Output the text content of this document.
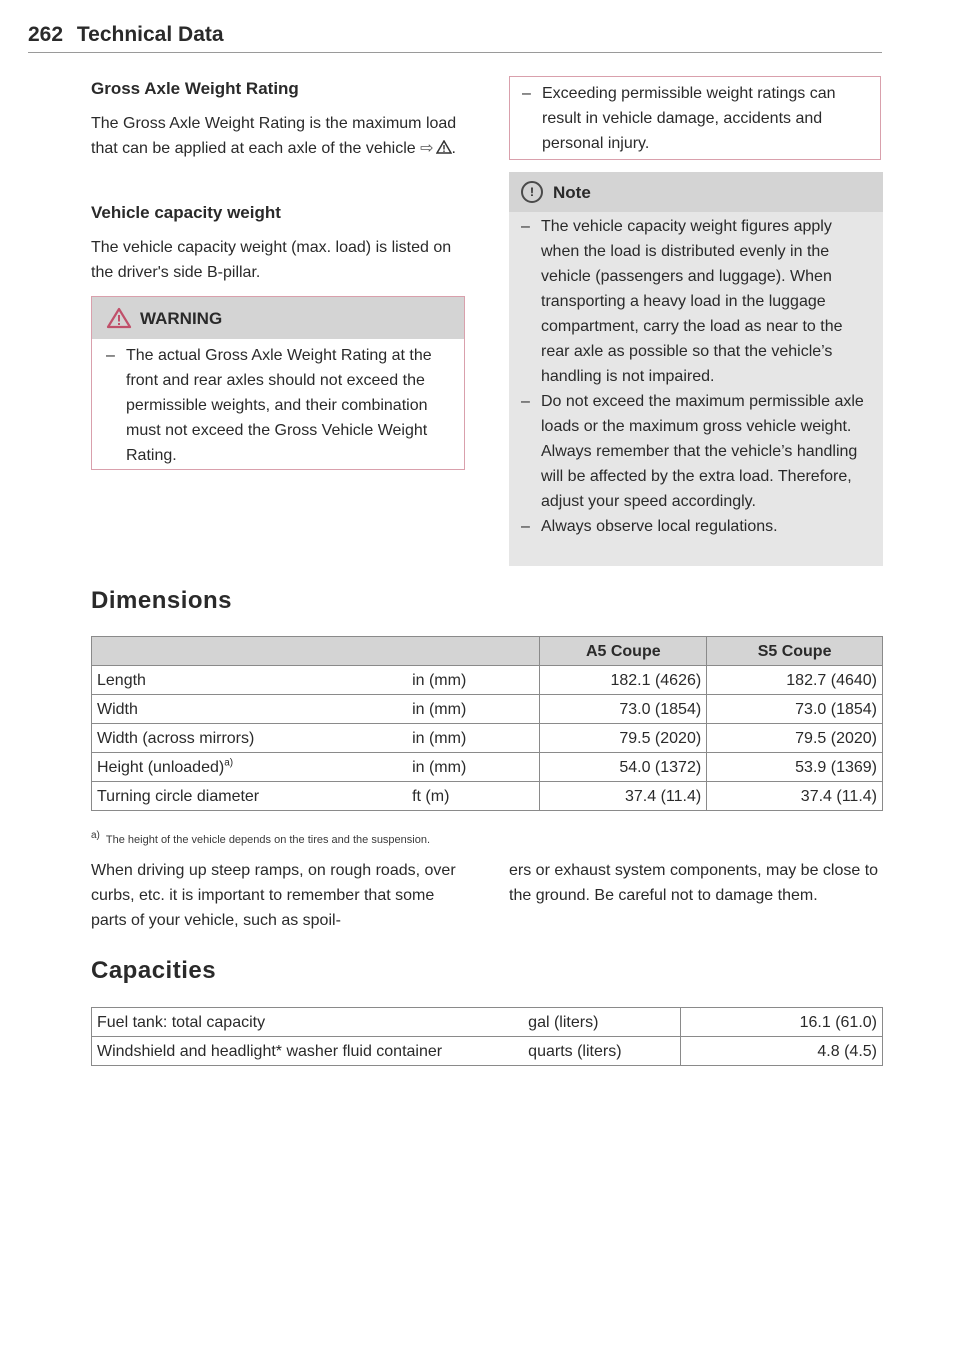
262 Technical Data
Gross Axle Weight Rating

The Gross Axle Weight Rating is the maximum load that can be applied at each axle of the vehicle ⇨ .

Vehicle capacity weight

The vehicle capacity weight (max. load) is listed on the driver's side B-pillar.

WARNING
– The actual Gross Axle Weight Rating at the front and rear axles should not exceed the permissible weights, and their combination must not exceed the Gross Vehicle Weight Rating.
– Exceeding permissible weight ratings can result in vehicle damage, accidents and personal injury.
!	Note
– The vehicle capacity weight figures apply when the load is distributed evenly in the vehicle (passengers and luggage). When transporting a heavy load in the luggage compartment, carry the load as near to the rear axle as possible so that the vehicle’s handling is not impaired.
– Do not exceed the maximum permissible axle loads or the maximum gross vehicle weight. Always remember that the vehicle’s handling will be affected by the extra load. Therefore, adjust your speed accordingly.
– Always observe local regulations.
Dimensions
		A5 Coupe	S5 Coupe
Length	in (mm)	182.1 (4626)	182.7 (4640)
Width	in (mm)	73.0 (1854)	73.0 (1854)
Width (across mirrors)	in (mm)	79.5 (2020)	79.5 (2020)
Height (unloaded)$^{a)}$	in (mm)	54.0 (1372)	53.9 (1369)
Turning circle diameter	ft (m)	37.4 (11.4)	37.4 (11.4)
$^{a)}$ The height of the vehicle depends on the tires and the suspension.

When driving up steep ramps, on rough roads, over curbs, etc. it is important to remember that some parts of your vehicle, such as spoil-

ers or exhaust system components, may be close to the ground. Be careful not to damage them.

Capacities
Fuel tank: total capacity	gal (liters)	16.1 (61.0)
Windshield and headlight* washer fluid container	quarts (liters)	4.8 (4.5)
